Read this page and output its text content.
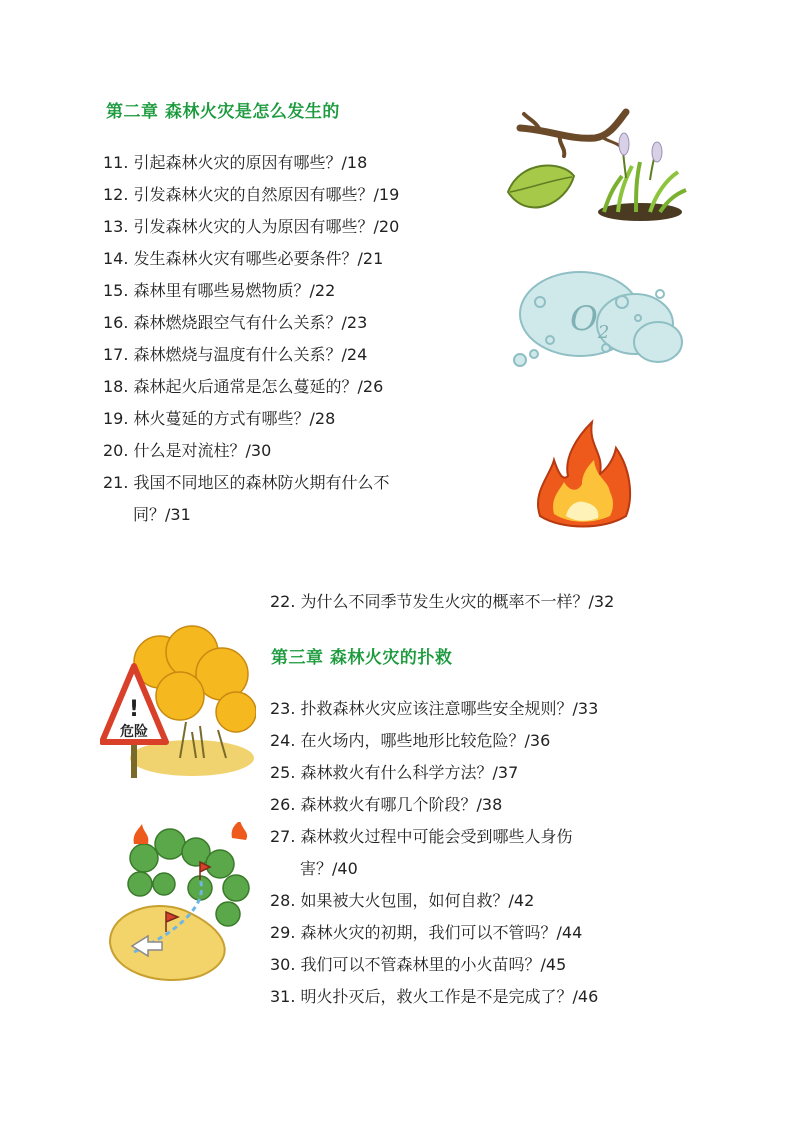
第二章 森林火灾是怎么发生的
11. 引起森林火灾的原因有哪些？/18
12. 引发森林火灾的自然原因有哪些？/19
13. 引发森林火灾的人为原因有哪些？/20
14. 发生森林火灾有哪些必要条件？/21
15. 森林里有哪些易燃物质？/22
16. 森林燃烧跟空气有什么关系？/23
17. 森林燃烧与温度有什么关系？/24
18. 森林起火后通常是怎么蔓延的？/26
19. 林火蔓延的方式有哪些？/28
20. 什么是对流柱？/30
21. 我国不同地区的森林防火期有什么不
同？/31
22. 为什么不同季节发生火灾的概率不一样？/32
第三章 森林火灾的扑救
23. 扑救森林火灾应该注意哪些安全规则？/33
24. 在火场内，哪些地形比较危险？/36
25. 森林救火有什么科学方法？/37
26. 森林救火有哪几个阶段？/38
27. 森林救火过程中可能会受到哪些人身伤
害？/40
28. 如果被大火包围，如何自救？/42
29. 森林火灾的初期，我们可以不管吗？/44
30. 我们可以不管森林里的小火苗吗？/45
31. 明火扑灭后，救火工作是不是完成了？/46
$O_2$
!
危险
